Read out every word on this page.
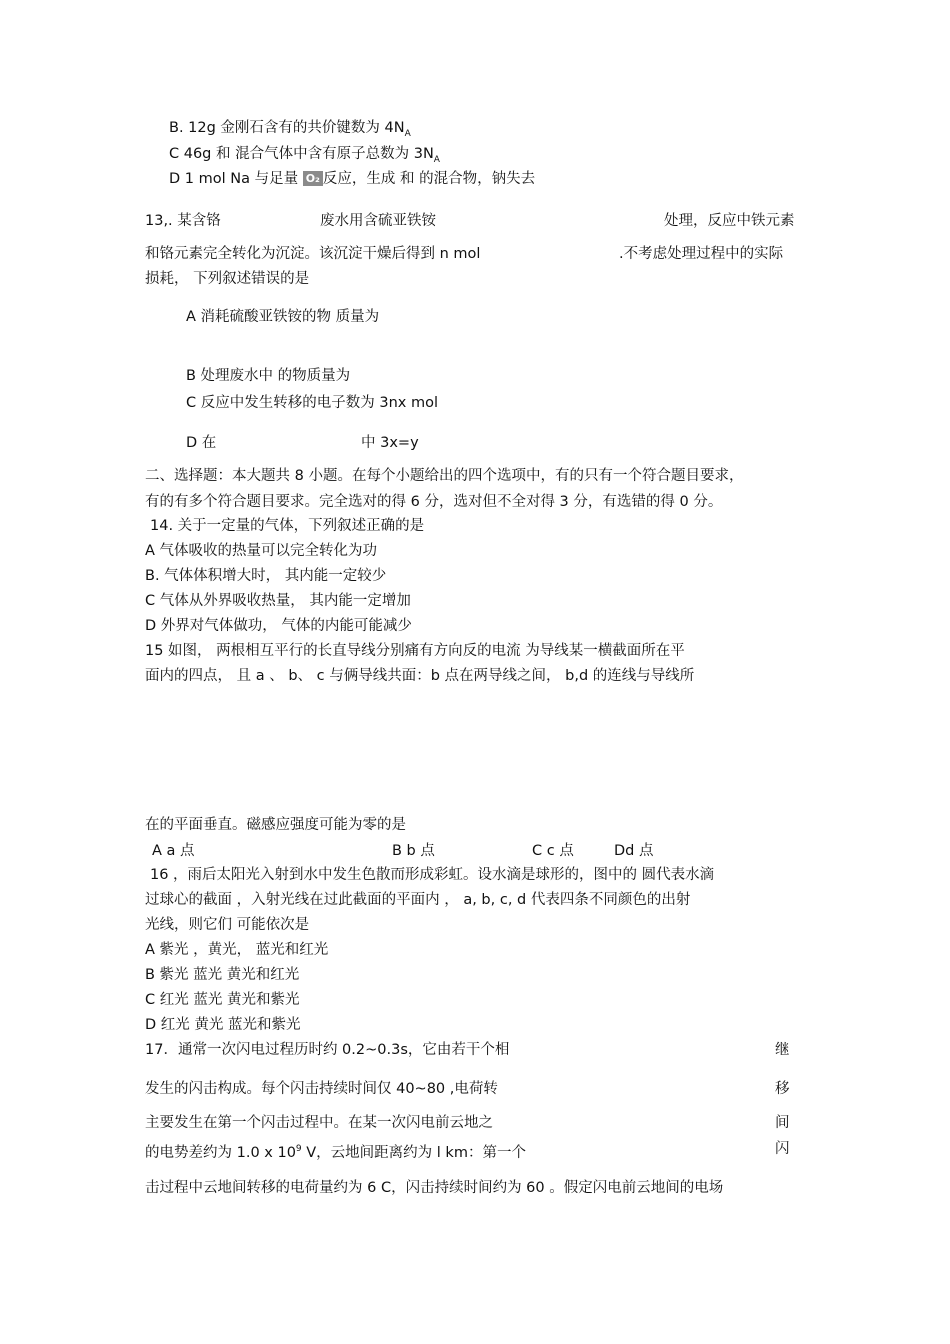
B. 12g 金刚石含有的共价键数为 $4N_A$
C 46g 和 混合气体中含有原子总数为 $3N_A$
D 1 mol Na 与足量 O₂ 反应，生成 和 的混合物，钠失去
13,. 某含铬	废水用含硫亚铁铵	处理，反应中铁元素
和铬元素完全转化为沉淀。该沉淀干燥后得到 n mol	.不考虑处理过程中的实际
损耗， 下列叙述错误的是
A 消耗硫酸亚铁铵的物 质量为
B 处理废水中 的物质量为
C 反应中发生转移的电子数为 3nx mol
D 在	中 3x=y
二、选择题：本大题共 8 小题。在每个小题给出的四个选项中，有的只有一个符合题目要求，
有的有多个符合题目要求。完全选对的得 6 分，选对但不全对得 3 分，有选错的得 0 分。
14. 关于一定量的气体，下列叙述正确的是
A 气体吸收的热量可以完全转化为功
B. 气体体积增大时， 其内能一定较少
C 气体从外界吸收热量， 其内能一定增加
D 外界对气体做功， 气体的内能可能减少
15 如图， 两根相互平行的长直导线分别痛有方向反的电流 为导线某一横截面所在平
面内的四点， 且 a 、 b、 c 与俩导线共面：b 点在两导线之间， b,d 的连线与导线所
在的平面垂直。磁感应强度可能为零的是
A a 点	B b 点	C c 点	Dd 点
16 ，雨后太阳光入射到水中发生色散而形成彩虹。设水滴是球形的，图中的 圆代表水滴
过球心的截面 ，入射光线在过此截面的平面内 ， a, b, c, d 代表四条不同颜色的出射
光线，则它们 可能依次是
A 紫光 ，黄光， 蓝光和红光
B 紫光 蓝光 黄光和红光
C 红光 蓝光 黄光和紫光
D 红光 黄光 蓝光和紫光
17．通常一次闪电过程历时约 0.2~0.3s，它由若干个相	继
发生的闪击构成。每个闪击持续时间仅 40~80 ,电荷转	移
主要发生在第一个闪击过程中。在某一次闪电前云地之	间
的电势差约为 1.0 x $10^9$ V，云地间距离约为 l km：第一个	闪
击过程中云地间转移的电荷量约为 6 C，闪击持续时间约为 60 。假定闪电前云地间的电场
